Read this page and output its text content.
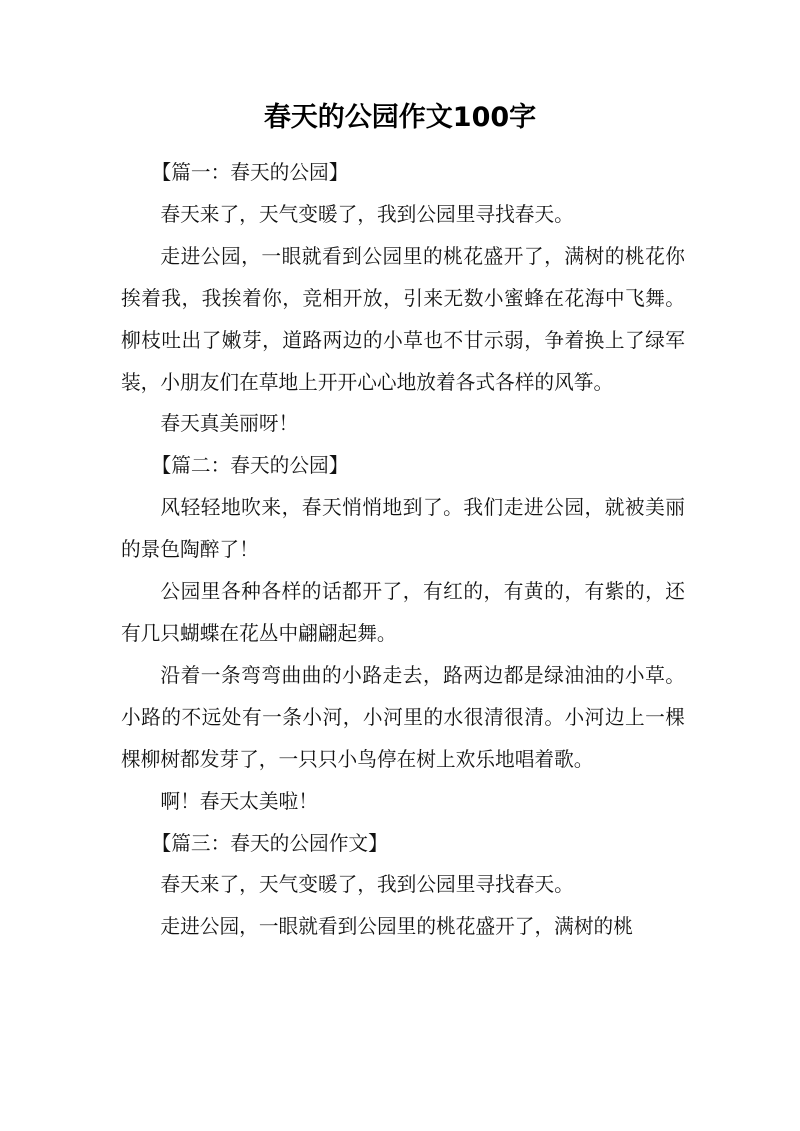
春天的公园作文100字

【篇一：春天的公园】

春天来了，天气变暖了，我到公园里寻找春天。

走进公园，一眼就看到公园里的桃花盛开了，满树的桃花你挨着我，我挨着你，竞相开放，引来无数小蜜蜂在花海中飞舞。柳枝吐出了嫩芽，道路两边的小草也不甘示弱，争着换上了绿军装，小朋友们在草地上开开心心地放着各式各样的风筝。

春天真美丽呀！

【篇二：春天的公园】

风轻轻地吹来，春天悄悄地到了。我们走进公园，就被美丽的景色陶醉了！

公园里各种各样的话都开了，有红的，有黄的，有紫的，还有几只蝴蝶在花丛中翩翩起舞。

沿着一条弯弯曲曲的小路走去，路两边都是绿油油的小草。小路的不远处有一条小河，小河里的水很清很清。小河边上一棵棵柳树都发芽了，一只只小鸟停在树上欢乐地唱着歌。

啊！春天太美啦！

【篇三：春天的公园作文】

春天来了，天气变暖了，我到公园里寻找春天。

走进公园，一眼就看到公园里的桃花盛开了，满树的桃
